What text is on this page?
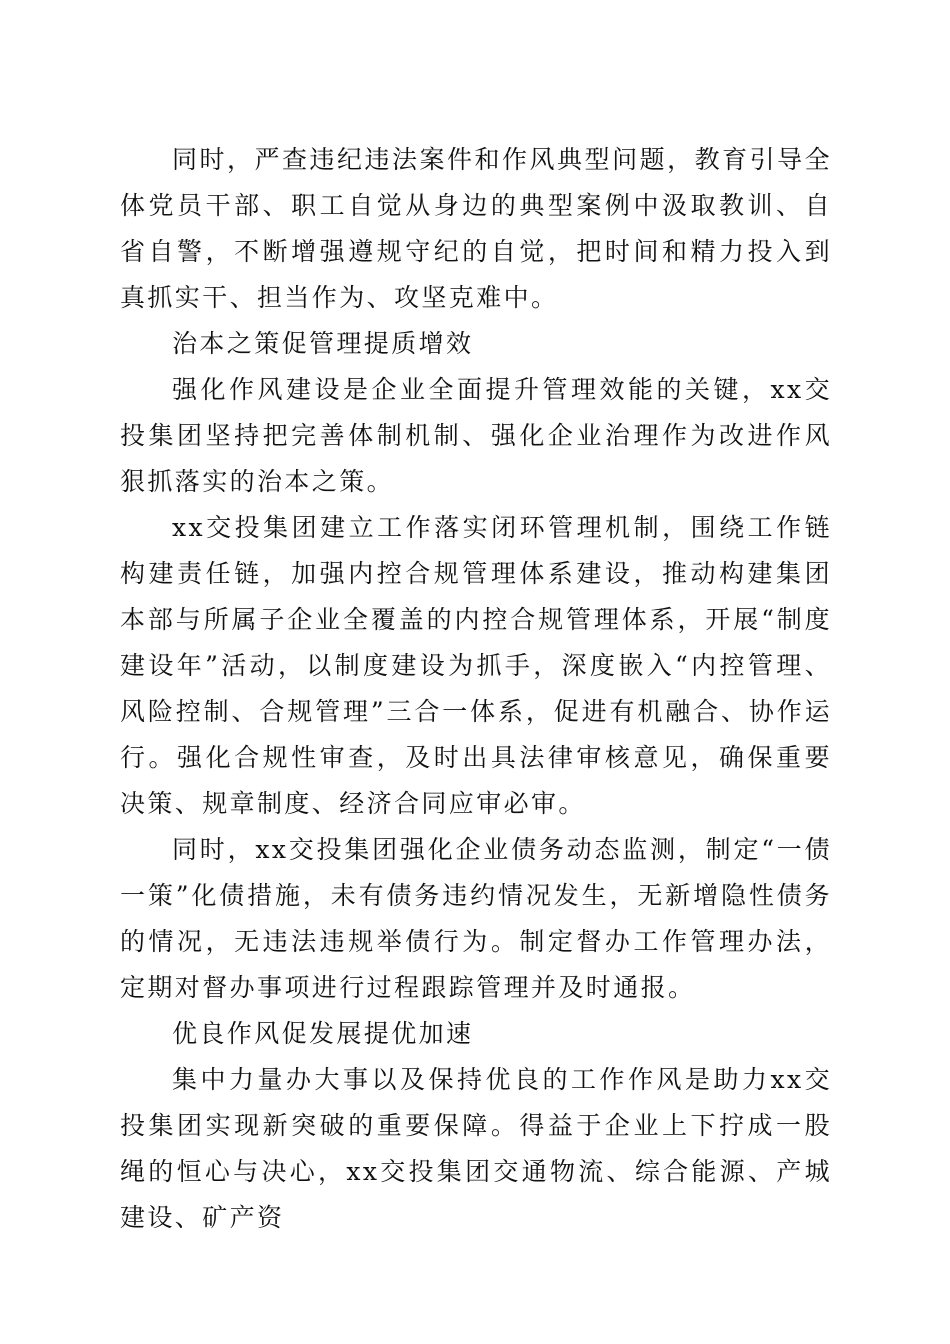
同时，严查违纪违法案件和作风典型问题，教育引导全体党员干部、职工自觉从身边的典型案例中汲取教训、自省自警，不断增强遵规守纪的自觉，把时间和精力投入到真抓实干、担当作为、攻坚克难中。

治本之策促管理提质增效

强化作风建设是企业全面提升管理效能的关键，xx交投集团坚持把完善体制机制、强化企业治理作为改进作风狠抓落实的治本之策。

xx交投集团建立工作落实闭环管理机制，围绕工作链构建责任链，加强内控合规管理体系建设，推动构建集团本部与所属子企业全覆盖的内控合规管理体系，开展“制度建设年”活动，以制度建设为抓手，深度嵌入“内控管理、风险控制、合规管理”三合一体系，促进有机融合、协作运行。强化合规性审查，及时出具法律审核意见，确保重要决策、规章制度、经济合同应审必审。

同时，xx交投集团强化企业债务动态监测，制定“一债一策”化债措施，未有债务违约情况发生，无新增隐性债务的情况，无违法违规举债行为。制定督办工作管理办法，定期对督办事项进行过程跟踪管理并及时通报。

优良作风促发展提优加速

集中力量办大事以及保持优良的工作作风是助力xx交投集团实现新突破的重要保障。得益于企业上下拧成一股绳的恒心与决心，xx交投集团交通物流、综合能源、产城建设、矿产资
